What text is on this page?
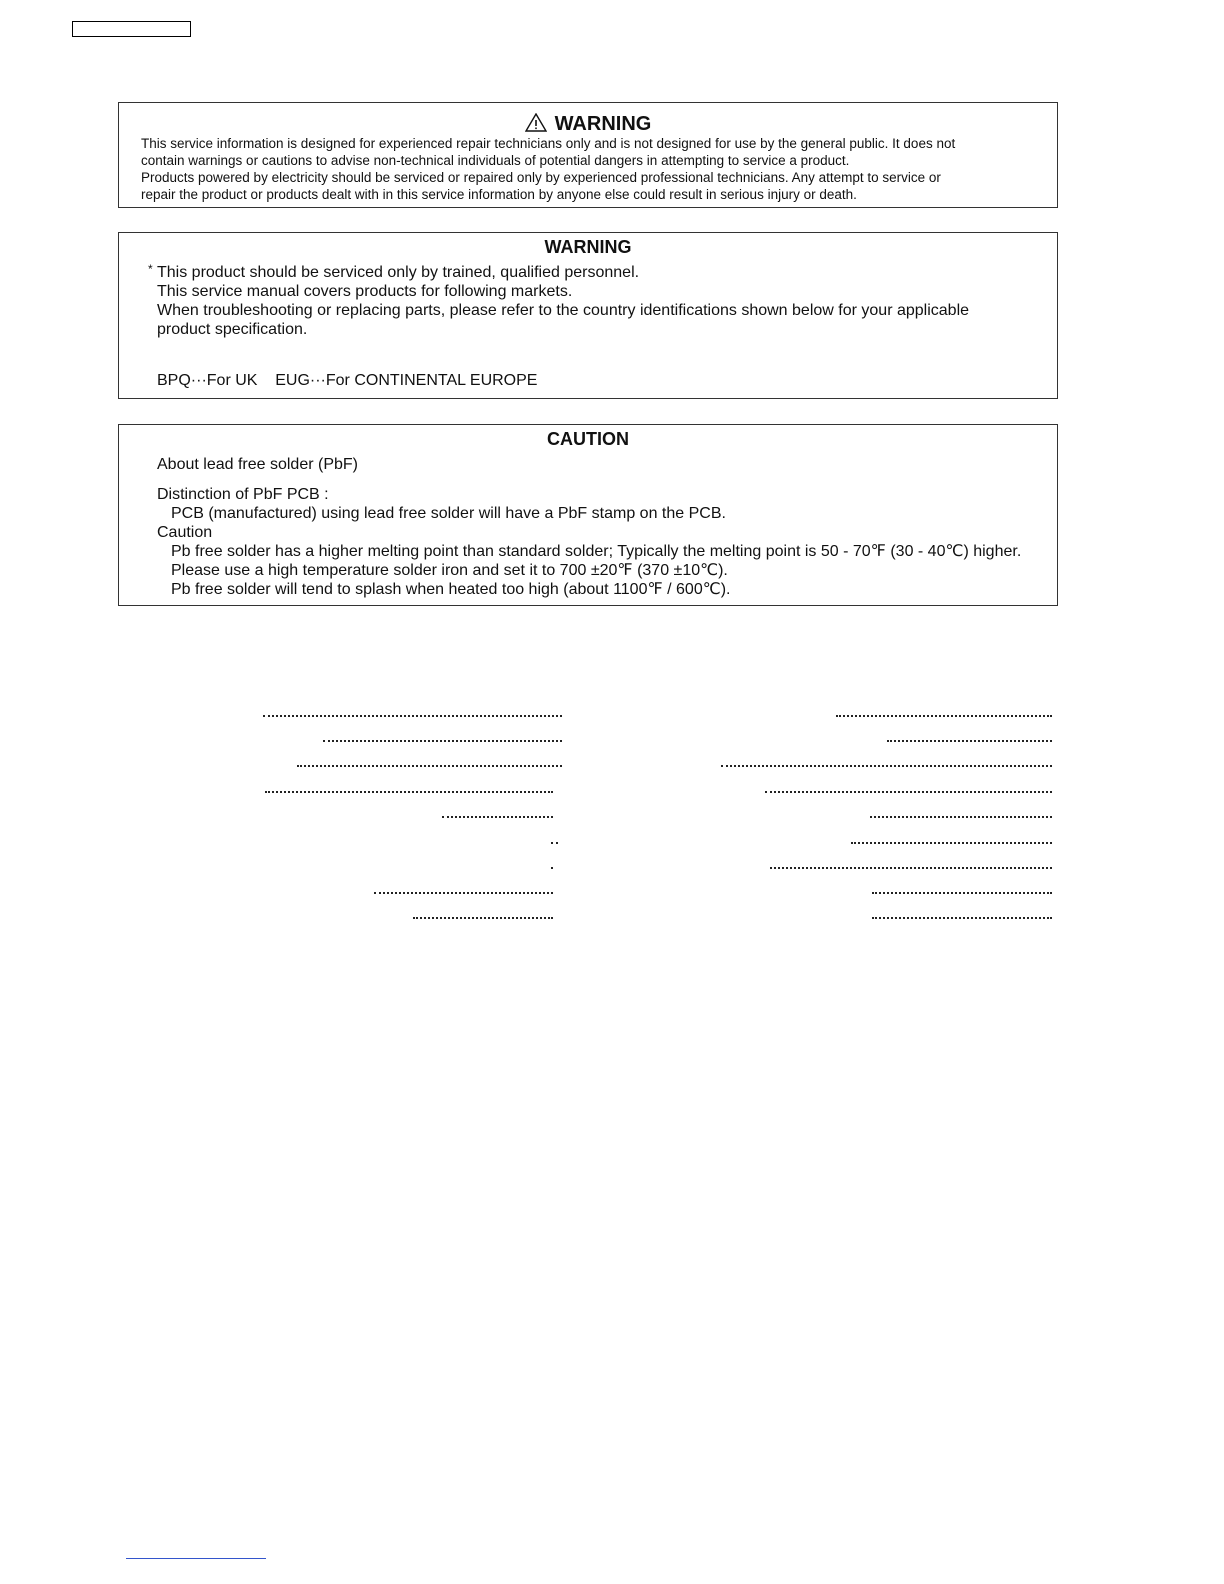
WARNING
This service information is designed for experienced repair technicians only and is not designed for use by the general public. It does not
contain warnings or cautions to advise non-technical individuals of potential dangers in attempting to service a product.
Products powered by electricity should be serviced or repaired only by experienced professional technicians. Any attempt to service or
repair the product or products dealt with in this service information by anyone else could result in serious injury or death.
WARNING
* This product should be serviced only by trained, qualified personnel.
This service manual covers products for following markets.
When troubleshooting or replacing parts, please refer to the country identifications shown below for your applicable
product specification.
BPQ···For UK    EUG···For CONTINENTAL EUROPE
CAUTION
About lead free solder (PbF)
Distinction of PbF PCB :
PCB (manufactured) using lead free solder will have a PbF stamp on the PCB.
Caution
Pb free solder has a higher melting point than standard solder; Typically the melting point is 50 - 70℉ (30 - 40℃) higher.
Please use a high temperature solder iron and set it to 700 ±20℉ (370 ±10℃).
Pb free solder will tend to splash when heated too high (about 1100℉ / 600℃).
